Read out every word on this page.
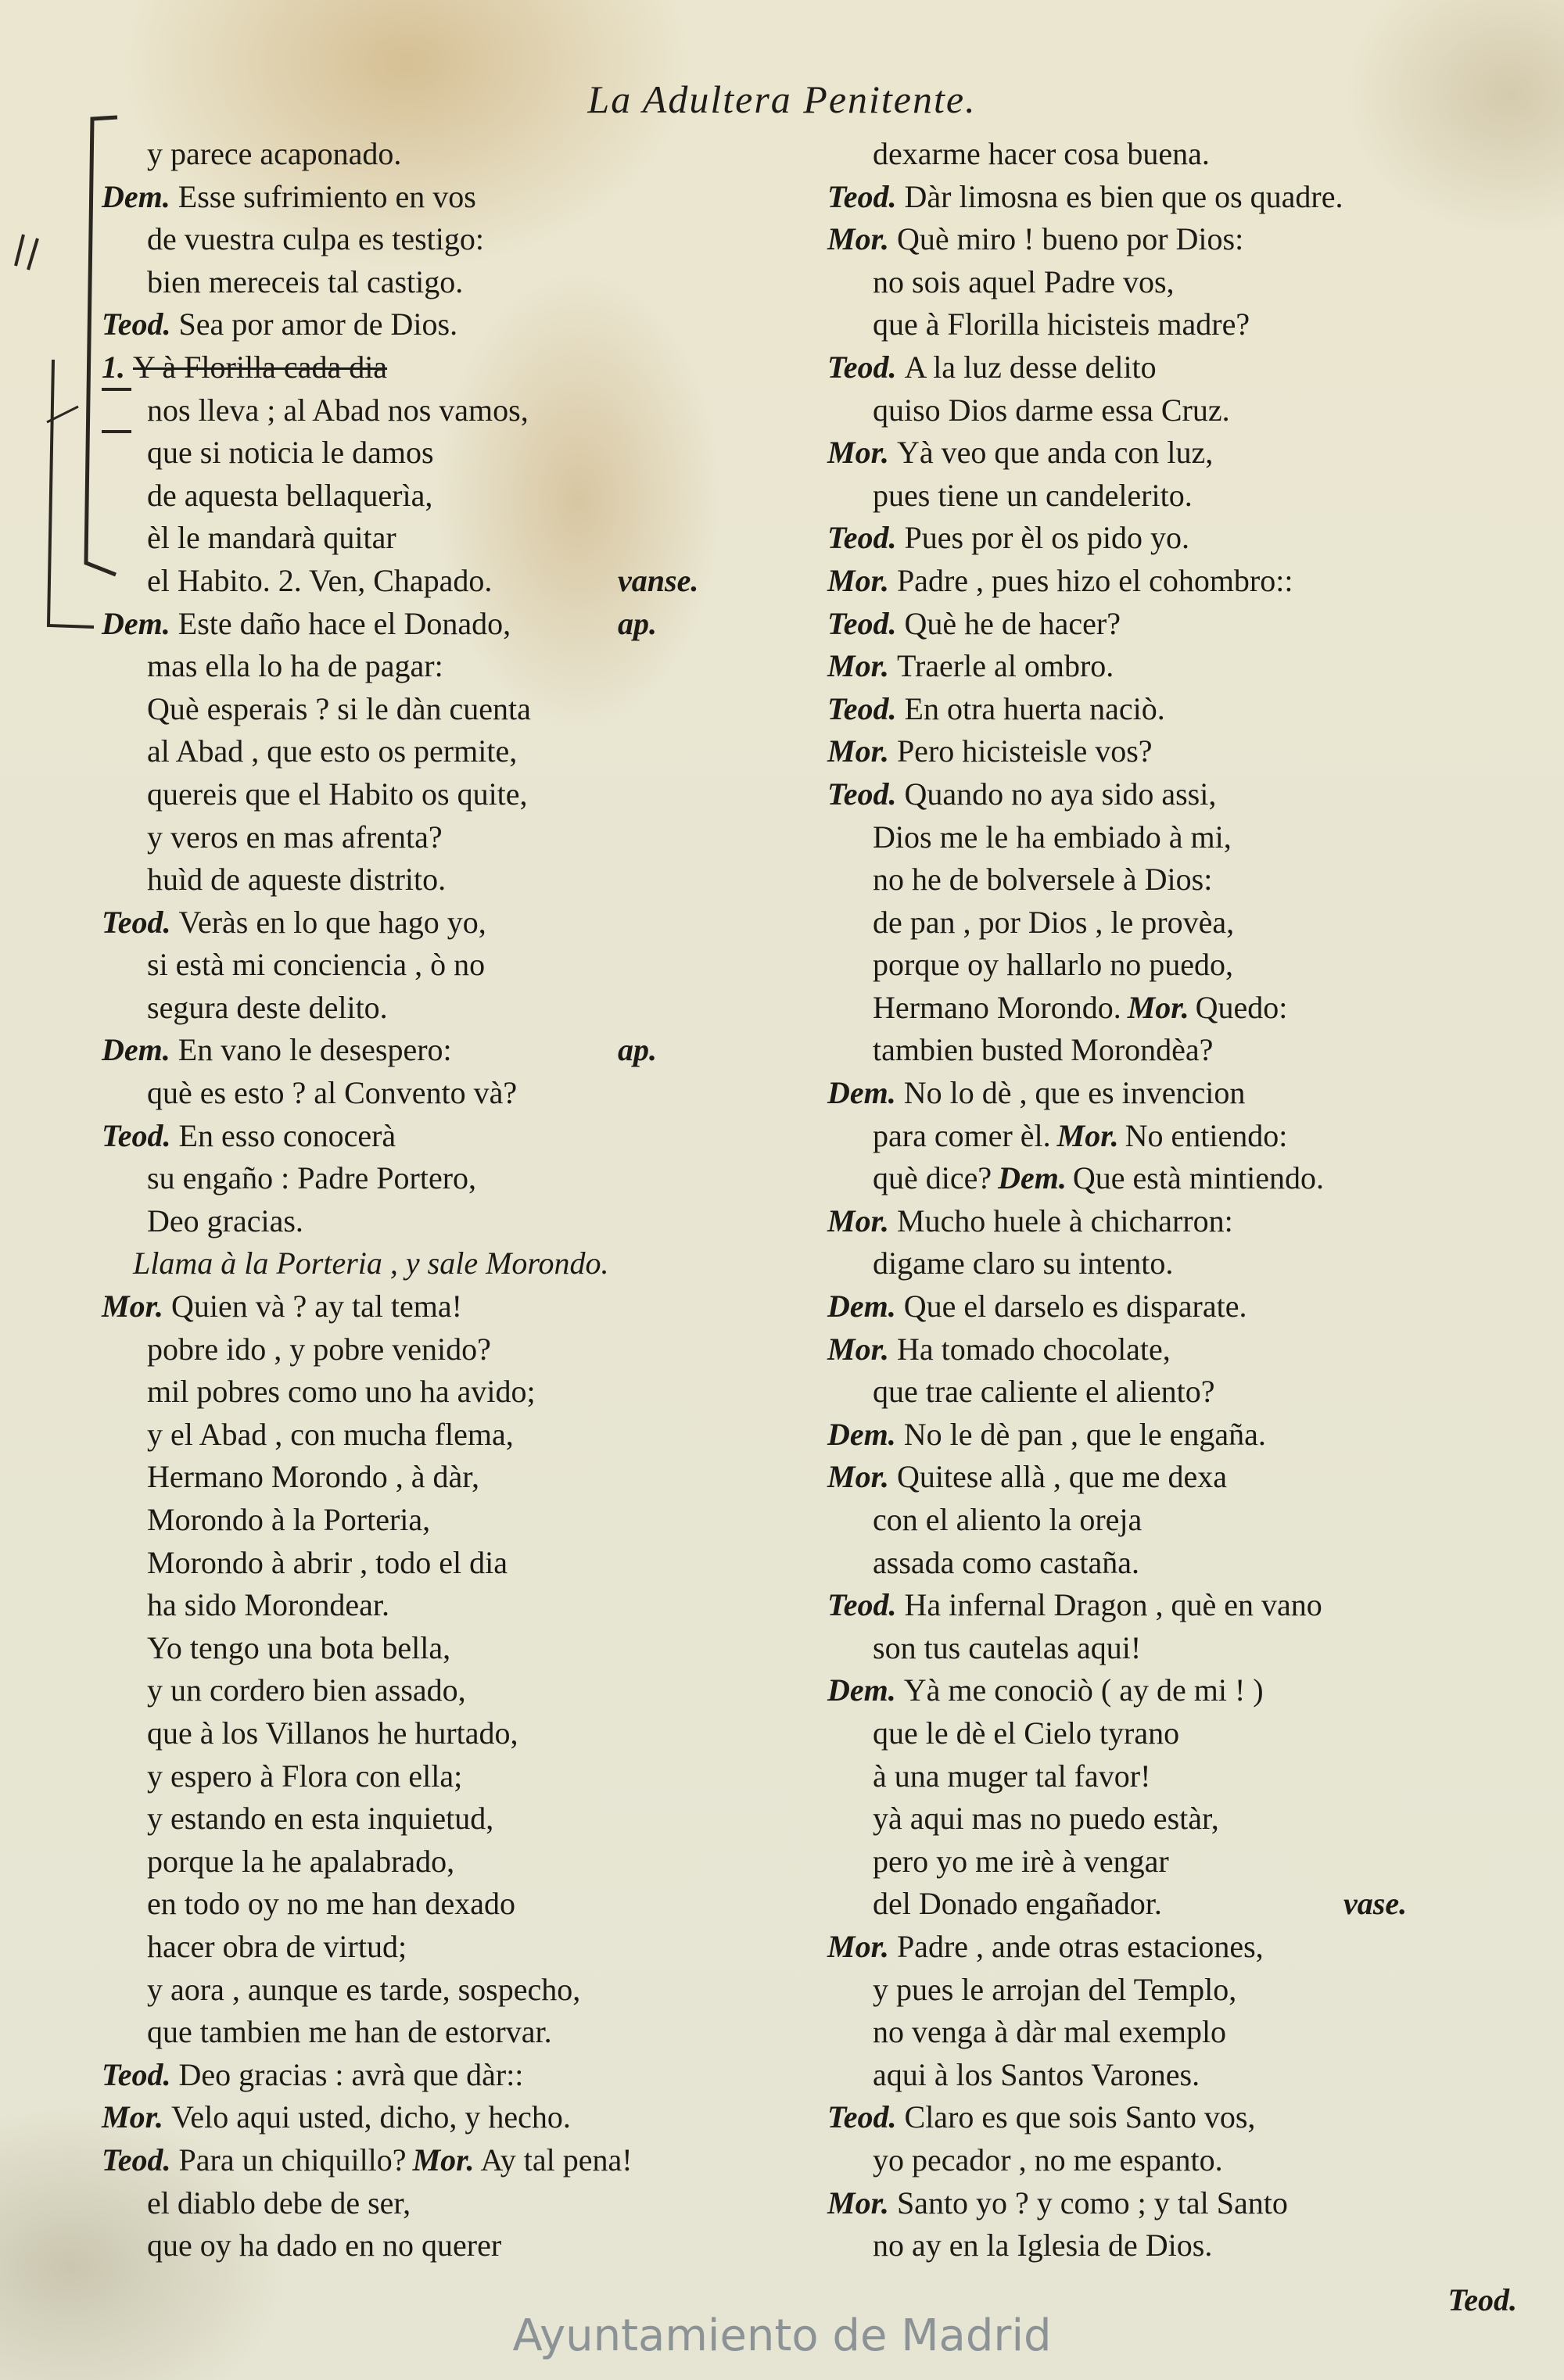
La Adultera Penitente.
y parece acaponado.
Dem. Esse sufrimiento en vos
de vuestra culpa es testigo:
bien mereceis tal castigo.
Teod. Sea por amor de Dios.
1. Y à Florilla cada dia
nos lleva ; al Abad nos vamos,
que si noticia le damos
de aquesta bellaquerìa,
èl le mandarà quitar
el Habito. 2. Ven, Chapado.	vanse.
Dem. Este daño hace el Donado,	ap.
mas ella lo ha de pagar:
Què esperais ? si le dàn cuenta
al Abad , que esto os permite,
quereis que el Habito os quite,
y veros en mas afrenta?
huìd de aqueste distrito.
Teod. Veràs en lo que hago yo,
si està mi conciencia , ò no
segura deste delito.
Dem. En vano le desespero:	ap.
què es esto ? al Convento và?
Teod. En esso conocerà
su engaño : Padre Portero,
Deo gracias.
Llama à la Porteria , y sale Morondo.
Mor. Quien và ? ay tal tema!
pobre ido , y pobre venido?
mil pobres como uno ha avido;
y el Abad , con mucha flema,
Hermano Morondo , à dàr,
Morondo à la Porteria,
Morondo à abrir , todo el dia
ha sido Morondear.
Yo tengo una bota bella,
y un cordero bien assado,
que à los Villanos he hurtado,
y espero à Flora con ella;
y estando en esta inquietud,
porque la he apalabrado,
en todo oy no me han dexado
hacer obra de virtud;
y aora , aunque es tarde, sospecho,
que tambien me han de estorvar.
Teod. Deo gracias : avrà que dàr::
Mor. Velo aqui usted, dicho, y hecho.
Teod. Para un chiquillo? Mor. Ay tal pena!
el diablo debe de ser,
que oy ha dado en no querer
dexarme hacer cosa buena.
Teod. Dàr limosna es bien que os quadre.
Mor. Què miro ! bueno por Dios:
no sois aquel Padre vos,
que à Florilla hicisteis madre?
Teod. A la luz desse delito
quiso Dios darme essa Cruz.
Mor. Yà veo que anda con luz,
pues tiene un candelerito.
Teod. Pues por èl os pido yo.
Mor. Padre , pues hizo el cohombro::
Teod. Què he de hacer?
Mor. Traerle al ombro.
Teod. En otra huerta naciò.
Mor. Pero hicisteisle vos?
Teod. Quando no aya sido assi,
Dios me le ha embiado à mi,
no he de bolversele à Dios:
de pan , por Dios , le provèa,
porque oy hallarlo no puedo,
Hermano Morondo. Mor. Quedo:
tambien busted Morondèa?
Dem. No lo dè , que es invencion
para comer èl. Mor. No entiendo:
què dice? Dem. Que està mintiendo.
Mor. Mucho huele à chicharron:
digame claro su intento.
Dem. Que el darselo es disparate.
Mor. Ha tomado chocolate,
que trae caliente el aliento?
Dem. No le dè pan , que le engaña.
Mor. Quitese allà , que me dexa
con el aliento la oreja
assada como castaña.
Teod. Ha infernal Dragon , què en vano
son tus cautelas aqui!
Dem. Yà me conociò ( ay de mi ! )
que le dè el Cielo tyrano
à una muger tal favor!
yà aqui mas no puedo estàr,
pero yo me irè à vengar
del Donado engañador.	vase.
Mor. Padre , ande otras estaciones,
y pues le arrojan del Templo,
no venga à dàr mal exemplo
aqui à los Santos Varones.
Teod. Claro es que sois Santo vos,
yo pecador , no me espanto.
Mor. Santo yo ? y como ; y tal Santo
no ay en la Iglesia de Dios.
Teod.
Ayuntamiento de Madrid
